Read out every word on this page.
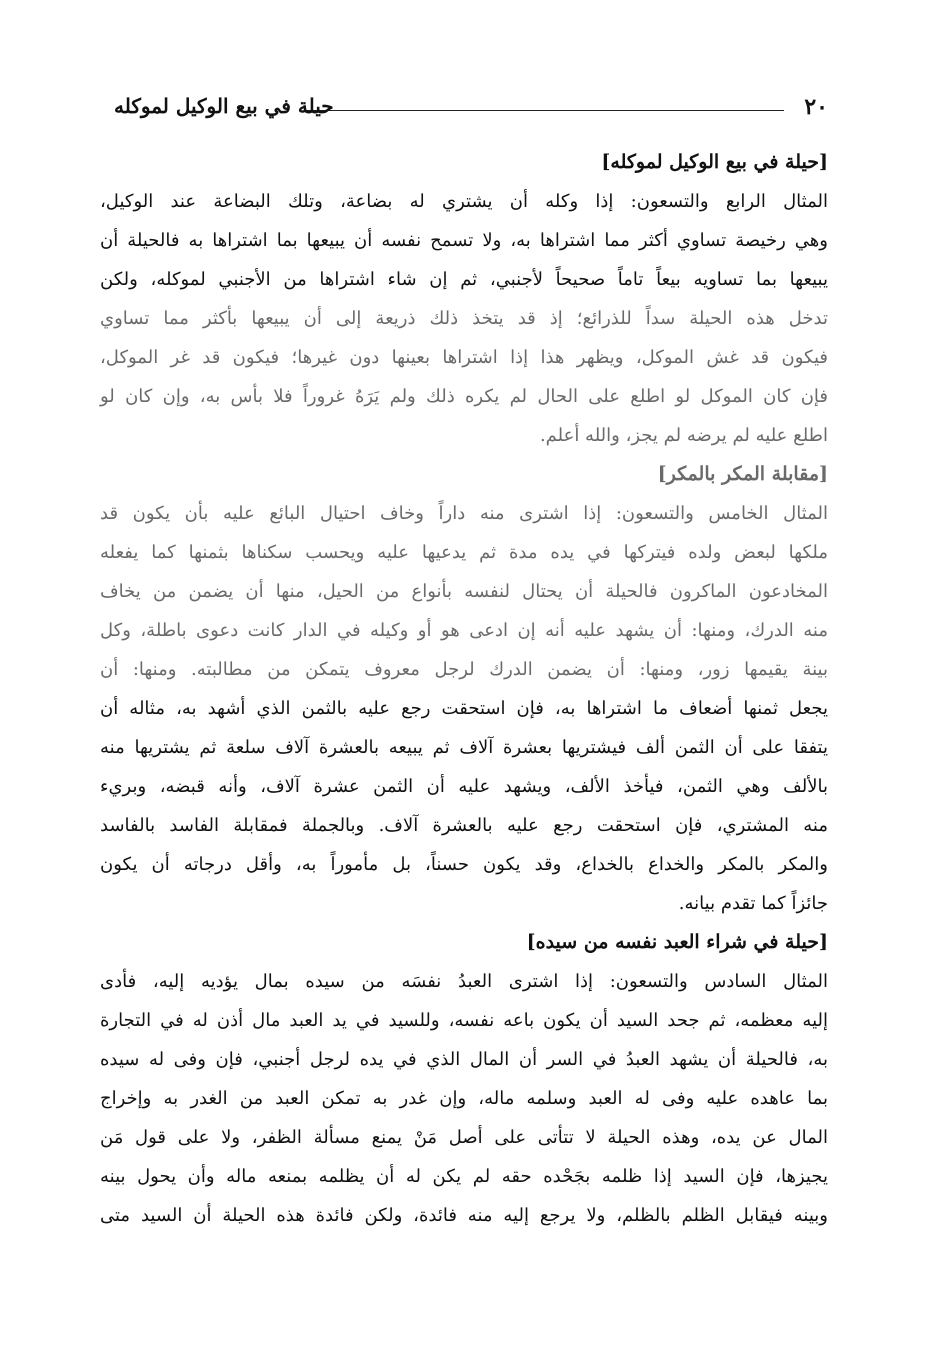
٢٠
حيلة في بيع الوكيل لموكله
[حيلة في بيع الوكيل لموكله]

المثال الرابع والتسعون: إذا وكله أن يشتري له بضاعة، وتلك البضاعة عند الوكيل،

وهي رخيصة تساوي أكثر مما اشتراها به، ولا تسمح نفسه أن يبيعها بما اشتراها به فالحيلة أن

يبيعها بما تساويه بيعاً تاماً صحيحاً لأجنبي، ثم إن شاء اشتراها من الأجنبي لموكله، ولكن

تدخل هذه الحيلة سداً للذرائع؛ إذ قد يتخذ ذلك ذريعة إلى أن يبيعها بأكثر مما تساوي

فيكون قد غش الموكل، ويظهر هذا إذا اشتراها بعينها دون غيرها؛ فيكون قد غر الموكل،

فإن كان الموكل لو اطلع على الحال لم يكره ذلك ولم يَرَهُ غروراً فلا بأس به، وإن كان لو

اطلع عليه لم يرضه لم يجز، والله أعلم.

[مقابلة المكر بالمكر]

المثال الخامس والتسعون: إذا اشترى منه داراً وخاف احتيال البائع عليه بأن يكون قد

ملكها لبعض ولده فيتركها في يده مدة ثم يدعيها عليه ويحسب سكناها بثمنها كما يفعله

المخادعون الماكرون فالحيلة أن يحتال لنفسه بأنواع من الحيل، منها أن يضمن من يخاف

منه الدرك، ومنها: أن يشهد عليه أنه إن ادعى هو أو وكيله في الدار كانت دعوى باطلة، وكل

بينة يقيمها زور، ومنها: أن يضمن الدرك لرجل معروف يتمكن من مطالبته. ومنها: أن

يجعل ثمنها أضعاف ما اشتراها به، فإن استحقت رجع عليه بالثمن الذي أشهد به، مثاله أن

يتفقا على أن الثمن ألف فيشتريها بعشرة آلاف ثم يبيعه بالعشرة آلاف سلعة ثم يشتريها منه

بالألف وهي الثمن، فيأخذ الألف، ويشهد عليه أن الثمن عشرة آلاف، وأنه قبضه، وبريء

منه المشتري، فإن استحقت رجع عليه بالعشرة آلاف. وبالجملة فمقابلة الفاسد بالفاسد

والمكر بالمكر والخداع بالخداع، وقد يكون حسناً، بل مأموراً به، وأقل درجاته أن يكون

جائزاً كما تقدم بيانه.

[حيلة في شراء العبد نفسه من سيده]

المثال السادس والتسعون: إذا اشترى العبدُ نفسَه من سيده بمال يؤديه إليه، فأدى

إليه معظمه، ثم جحد السيد أن يكون باعه نفسه، وللسيد في يد العبد مال أذن له في التجارة

به، فالحيلة أن يشهد العبدُ في السر أن المال الذي في يده لرجل أجنبي، فإن وفى له سيده

بما عاهده عليه وفى له العبد وسلمه ماله، وإن غدر به تمكن العبد من الغدر به وإخراج

المال عن يده، وهذه الحيلة لا تتأتى على أصل مَنْ يمنع مسألة الظفر، ولا على قول مَن

يجيزها، فإن السيد إذا ظلمه بجَحْده حقه لم يكن له أن يظلمه بمنعه ماله وأن يحول بينه

وبينه فيقابل الظلم بالظلم، ولا يرجع إليه منه فائدة، ولكن فائدة هذه الحيلة أن السيد متى
